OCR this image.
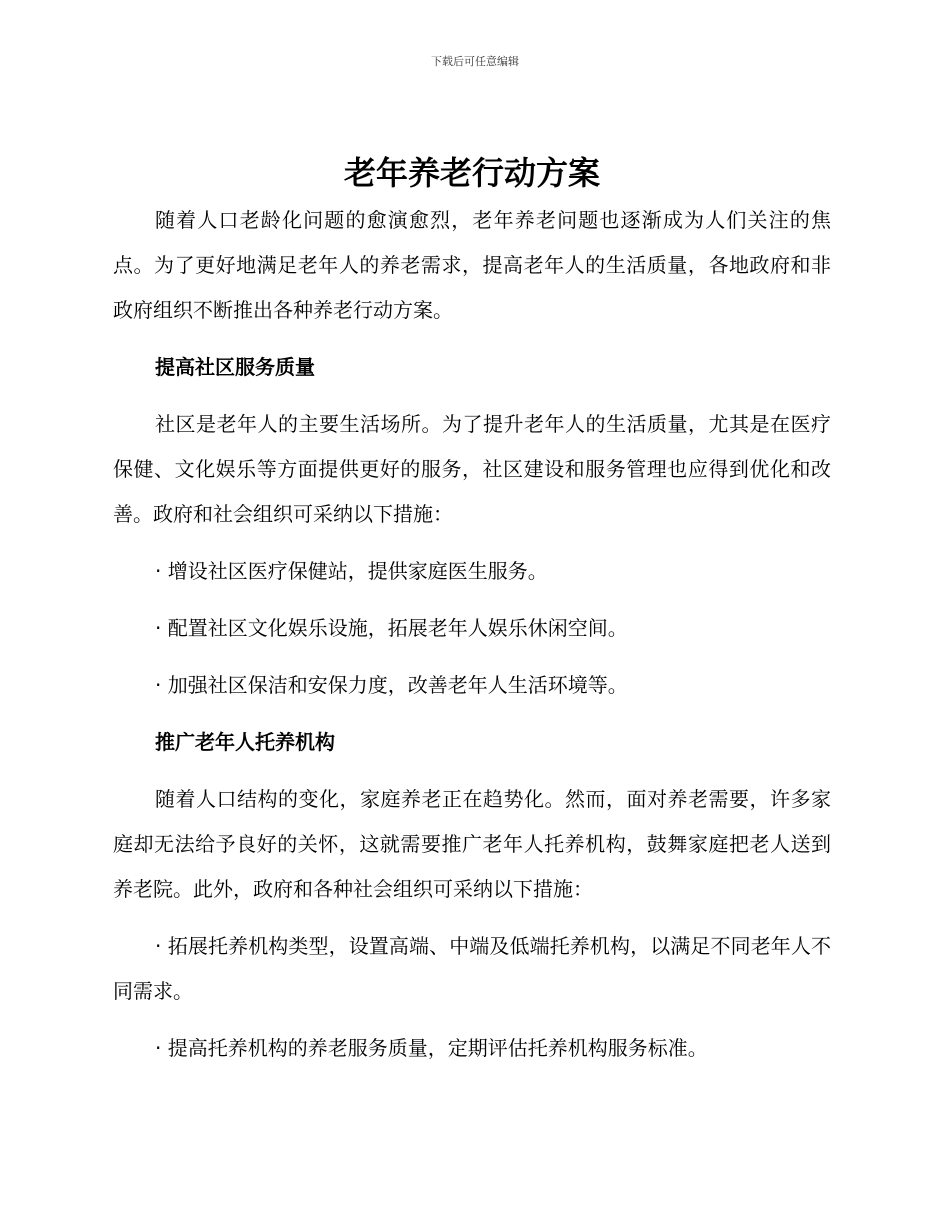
下载后可任意编辑
老年养老行动方案

随着人口老龄化问题的愈演愈烈，老年养老问题也逐渐成为人们关注的焦点。为了更好地满足老年人的养老需求，提高老年人的生活质量，各地政府和非政府组织不断推出各种养老行动方案。

提高社区服务质量

社区是老年人的主要生活场所。为了提升老年人的生活质量，尤其是在医疗保健、文化娱乐等方面提供更好的服务，社区建设和服务管理也应得到优化和改善。政府和社会组织可采纳以下措施：

· 增设社区医疗保健站，提供家庭医生服务。

· 配置社区文化娱乐设施，拓展老年人娱乐休闲空间。

· 加强社区保洁和安保力度，改善老年人生活环境等。

推广老年人托养机构

随着人口结构的变化，家庭养老正在趋势化。然而，面对养老需要，许多家庭却无法给予良好的关怀，这就需要推广老年人托养机构，鼓舞家庭把老人送到养老院。此外，政府和各种社会组织可采纳以下措施：

· 拓展托养机构类型，设置高端、中端及低端托养机构，以满足不同老年人不同需求。

· 提高托养机构的养老服务质量，定期评估托养机构服务标准。
